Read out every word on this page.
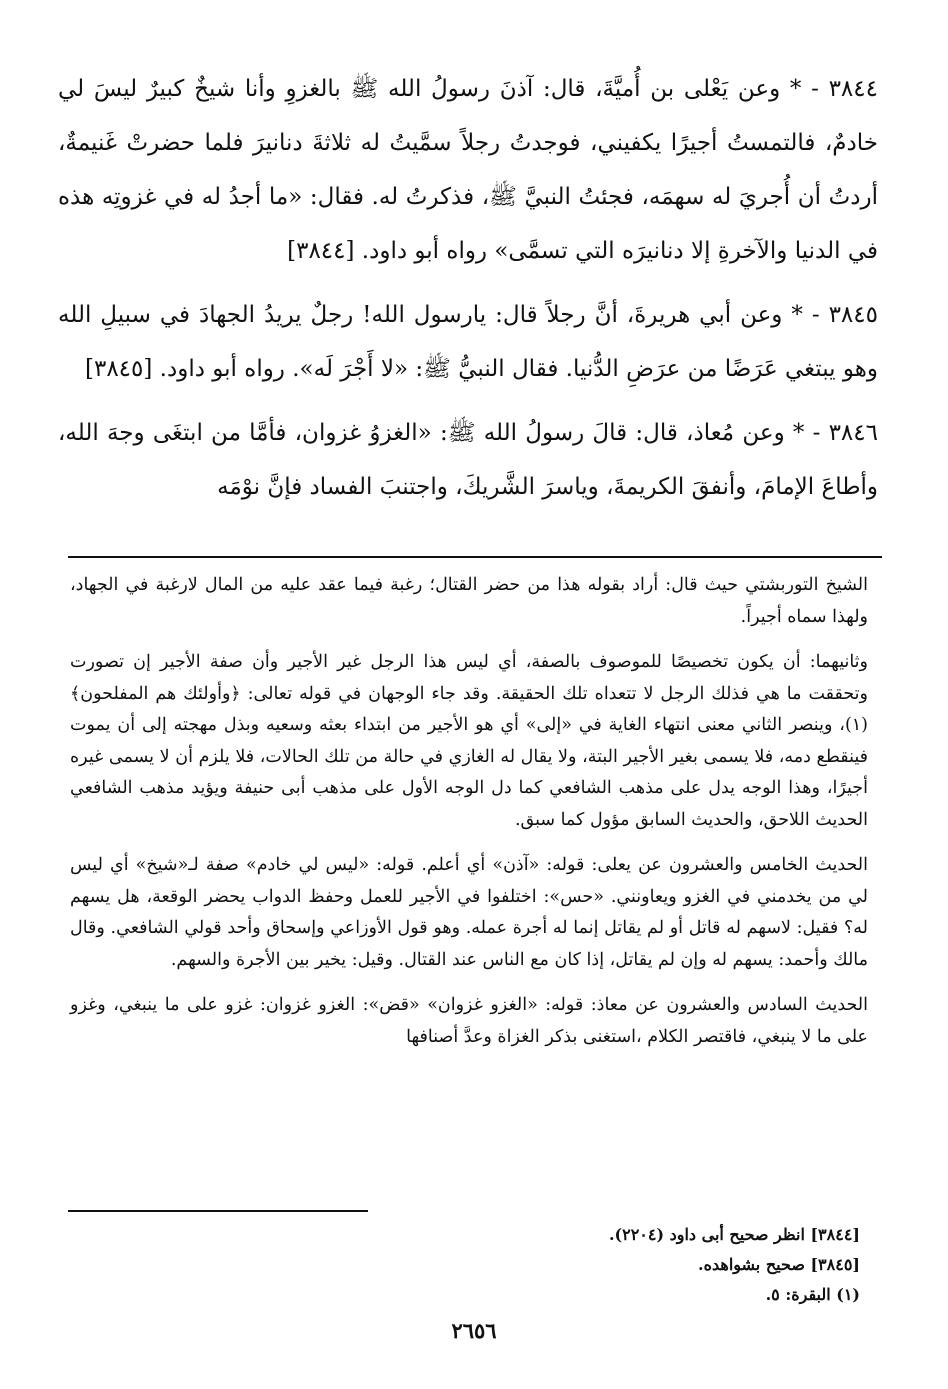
٣٨٤٤ - * وعن يَعْلى بن أُميَّةَ، قال: آذنَ رسولُ الله ﷺ بالغزوِ وأنا شيخٌ كبيرٌ ليسَ لي خادمٌ، فالتمستُ أجيرًا يكفيني، فوجدتُ رجلاً سمَّيتُ له ثلاثةَ دنانيرَ فلما حضرتْ غَنيمةٌ، أردتُ أن أُجريَ له سهمَه، فجئتُ النبيَّ ﷺ، فذكرتُ له. فقال: «ما أجدُ له في غزوتِه هذه في الدنيا والآخرةِ إلا دنانيرَه التي تسمَّى» رواه أبو داود. [٣٨٤٤]

٣٨٤٥ - * وعن أبي هريرةَ، أنَّ رجلاً قال: يارسول الله! رجلٌ يريدُ الجهادَ في سبيلِ الله وهو يبتغي عَرَضًا من عرَضِ الدُّنيا. فقال النبيُّ ﷺ: «لا أَجْرَ لَه». رواه أبو داود. [٣٨٤٥]

٣٨٤٦ - * وعن مُعاذ، قال: قالَ رسولُ الله ﷺ: «الغزوُ غزوان، فأمَّا من ابتغَى وجهَ الله، وأطاعَ الإمامَ، وأنفقَ الكريمةَ، وياسرَ الشَّريكَ، واجتنبَ الفساد فإنَّ نوْمَه

الشيخ التوربشتي حيث قال: أراد بقوله هذا من حضر القتال؛ رغبة فيما عقد عليه من المال لارغبة في الجهاد، ولهذا سماه أجيراً.

وثانيهما: أن يكون تخصيصًا للموصوف بالصفة، أي ليس هذا الرجل غير الأجير وأن صفة الأجير إن تصورت وتحققت ما هي فذلك الرجل لا تتعداه تلك الحقيقة. وقد جاء الوجهان في قوله تعالى: ﴿وأولئك هم المفلحون﴾(١)، وينصر الثاني معنى انتهاء الغاية في «إلى» أي هو الأجير من ابتداء بعثه وسعيه وبذل مهجته إلى أن يموت فينقطع دمه، فلا يسمى بغير الأجير البتة، ولا يقال له الغازي في حالة من تلك الحالات، فلا يلزم أن لا يسمى غيره أجيرًا، وهذا الوجه يدل على مذهب الشافعي كما دل الوجه الأول على مذهب أبى حنيفة ويؤيد مذهب الشافعي الحديث اللاحق، والحديث السابق مؤول كما سبق.

الحديث الخامس والعشرون عن يعلى: قوله: «آذن» أي أعلم. قوله: «ليس لي خادم» صفة لـ«شيخ» أي ليس لي من يخدمني في الغزو ويعاونني. «حس»: اختلفوا في الأجير للعمل وحفظ الدواب يحضر الوقعة، هل يسهم له؟ فقيل: لاسهم له قاتل أو لم يقاتل إنما له أجرة عمله. وهو قول الأوزاعي وإسحاق وأحد قولي الشافعي. وقال مالك وأحمد: يسهم له وإن لم يقاتل، إذا كان مع الناس عند القتال. وقيل: يخير بين الأجرة والسهم.

الحديث السادس والعشرون عن معاذ: قوله: «الغزو غزوان» «قض»: الغزو غزوان: غزو على ما ينبغي، وغزو على ما لا ينبغي، فاقتصر الكلام ،استغنى بذكر الغزاة وعدَّ أصنافها

[٣٨٤٤] انظر صحيح أبى داود (٢٢٠٤).
[٣٨٤٥] صحيح بشواهده.
(١) البقرة: ٥.
٢٦٥٦
